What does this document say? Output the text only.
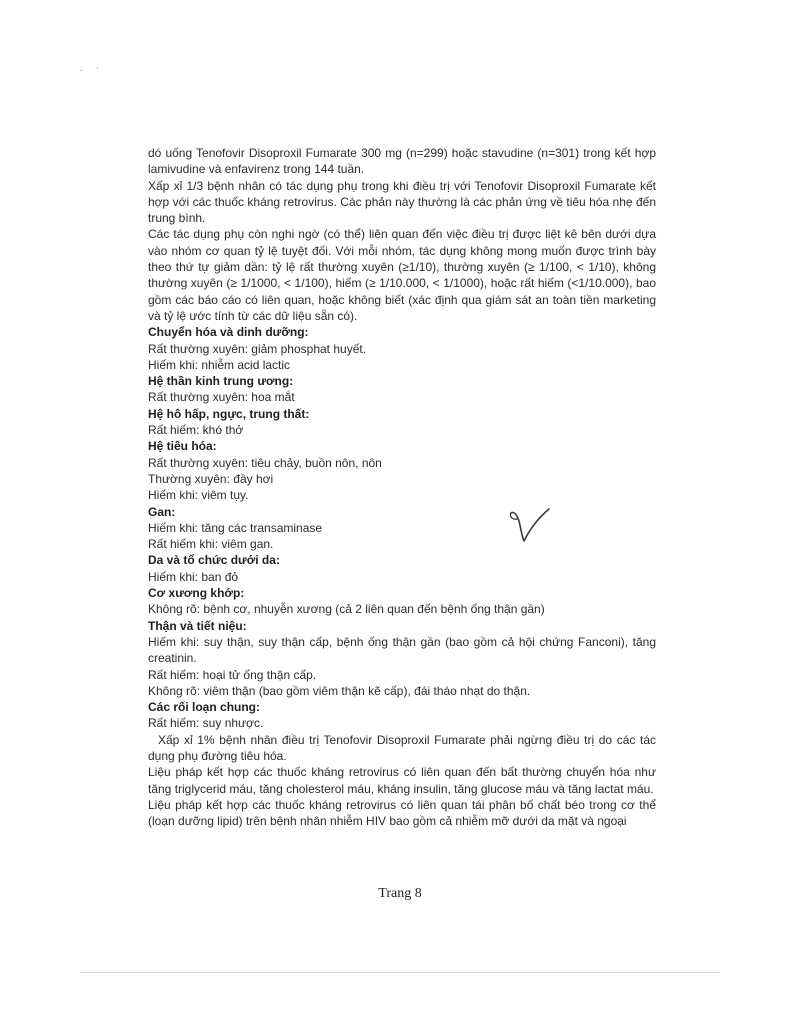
- '

dó uống Tenofovir Disoproxil Fumarate 300 mg (n=299) hoặc stavudine (n=301) trong kết hợp lamivudine và enfavirenz trong 144 tuần.

Xấp xỉ 1/3 bệnh nhân có tác dụng phụ trong khi điều trị với Tenofovir Disoproxil Fumarate kết hợp với các thuốc kháng retrovirus. Các phản này thường là các phản ứng về tiêu hóa nhẹ đến trung bình.

Các tác dụng phụ còn nghi ngờ (có thể) liên quan đến việc điều trị được liệt kê bên dưới dựa vào nhóm cơ quan tỷ lệ tuyệt đối. Với mỗi nhóm, tác dụng không mong muốn được trình bày theo thứ tự giảm dần: tỷ lệ rất thường xuyên (≥1/10), thường xuyên (≥ 1/100, < 1/10), không thường xuyên (≥ 1/1000, < 1/100), hiếm (≥ 1/10.000, < 1/1000), hoặc rất hiếm (<1/10.000), bao gồm các báo cáo có liên quan, hoặc không biết (xác định qua giám sát an toàn tiền marketing và tỷ lệ ước tính từ các dữ liệu sẵn có).

Chuyển hóa và dinh dưỡng:

Rất thường xuyên: giảm phosphat huyết.

Hiếm khi: nhiễm acid lactic

Hệ thần kinh trung ương:

Rất thường xuyên: hoa mắt

Hệ hô hấp, ngực, trung thất:

Rất hiếm: khó thở

Hệ tiêu hóa:

Rất thường xuyên: tiêu chảy, buồn nôn, nôn

Thường xuyên: đầy hơi

Hiếm khi: viêm tụy.

Gan:

Hiếm khi: tăng các transaminase

Rất hiếm khi: viêm gan.

Da và tổ chức dưới da:

Hiếm khi: ban đỏ

Cơ xương khớp:

Không rõ: bệnh cơ, nhuyễn xương (cả 2 liên quan đến bệnh ống thận gần)

Thận và tiết niệu:

Hiếm khi: suy thận, suy thận cấp, bệnh ống thận gần (bao gồm cả hội chứng Fanconi), tăng creatinin.

Rất hiếm: hoại tử ống thận cấp.

Không rõ: viêm thận (bao gồm viêm thận kẽ cấp), đái tháo nhạt do thận.

Các rối loạn chung:

Rất hiếm: suy nhược.

Xấp xỉ 1% bệnh nhân điều trị Tenofovir Disoproxil Fumarate phải ngừng điều trị do các tác dụng phụ đường tiêu hóa.

Liệu pháp kết hợp các thuốc kháng retrovirus có liên quan đến bất thường chuyển hóa như tăng triglycerid máu, tăng cholesterol máu, kháng insulin, tăng glucose máu và tăng lactat máu.

Liệu pháp kết hợp các thuốc kháng retrovirus có liên quan tái phân bố chất béo trong cơ thể (loạn dưỡng lipid) trên bệnh nhân nhiễm HIV bao gồm cả nhiễm mỡ dưới da mặt và ngoại

Trang 8
